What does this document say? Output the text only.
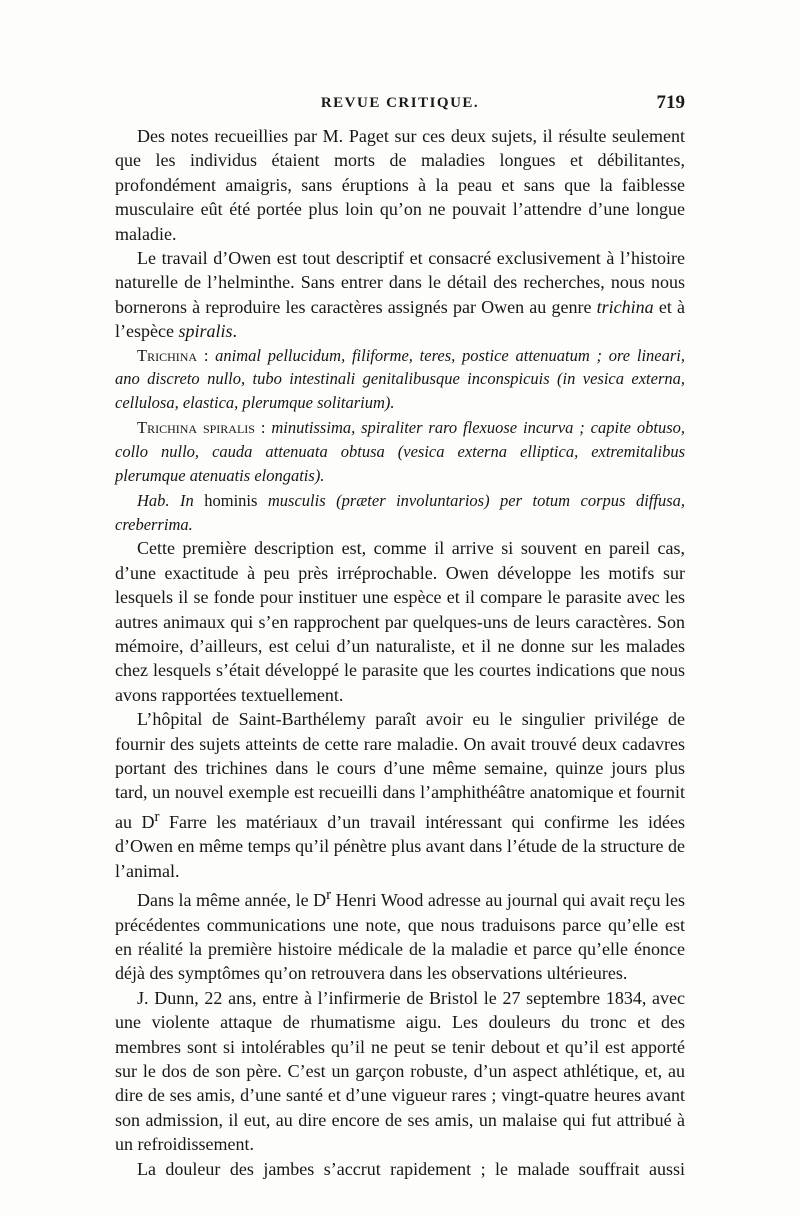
REVUE CRITIQUE.	719

Des notes recueillies par M. Paget sur ces deux sujets, il résulte seulement que les individus étaient morts de maladies longues et débilitantes, profondément amaigris, sans éruptions à la peau et sans que la faiblesse musculaire eût été portée plus loin qu’on ne pouvait l’attendre d’une longue maladie.

Le travail d’Owen est tout descriptif et consacré exclusivement à l’histoire naturelle de l’helminthe. Sans entrer dans le détail des recherches, nous nous bornerons à reproduire les caractères assignés par Owen au genre trichina et à l’espèce spiralis.

Trichina : animal pellucidum, filiforme, teres, postice attenuatum ; ore lineari, ano discreto nullo, tubo intestinali genitalibusque inconspicuis (in vesica externa, cellulosa, elastica, plerumque solitarium).

Trichina spiralis : minutissima, spiraliter raro flexuose incurva ; capite obtuso, collo nullo, cauda attenuata obtusa (vesica externa elliptica, extremitalibus plerumque atenuatis elongatis).

Hab. In hominis musculis (præter involuntarios) per totum corpus diffusa, creberrima.

Cette première description est, comme il arrive si souvent en pareil cas, d’une exactitude à peu près irréprochable. Owen développe les motifs sur lesquels il se fonde pour instituer une espèce et il compare le parasite avec les autres animaux qui s’en rapprochent par quelques-uns de leurs caractères. Son mémoire, d’ailleurs, est celui d’un naturaliste, et il ne donne sur les malades chez lesquels s’était développé le parasite que les courtes indications que nous avons rapportées textuellement.

L’hôpital de Saint-Barthélemy paraît avoir eu le singulier privilége de fournir des sujets atteints de cette rare maladie. On avait trouvé deux cadavres portant des trichines dans le cours d’une même semaine, quinze jours plus tard, un nouvel exemple est recueilli dans l’amphithéâtre anatomique et fournit au $D^r$ Farre les matériaux d’un travail intéressant qui confirme les idées d’Owen en même temps qu’il pénètre plus avant dans l’étude de la structure de l’animal.

Dans la même année, le $D^r$ Henri Wood adresse au journal qui avait reçu les précédentes communications une note, que nous traduisons parce qu’elle est en réalité la première histoire médicale de la maladie et parce qu’elle énonce déjà des symptômes qu’on retrouvera dans les observations ultérieures.

J. Dunn, 22 ans, entre à l’infirmerie de Bristol le 27 septembre 1834, avec une violente attaque de rhumatisme aigu. Les douleurs du tronc et des membres sont si intolérables qu’il ne peut se tenir debout et qu’il est apporté sur le dos de son père. C’est un garçon robuste, d’un aspect athlétique, et, au dire de ses amis, d’une santé et d’une vigueur rares ; vingt-quatre heures avant son admission, il eut, au dire encore de ses amis, un malaise qui fut attribué à un refroidissement.

La douleur des jambes s’accrut rapidement ; le malade souffrait aussi
